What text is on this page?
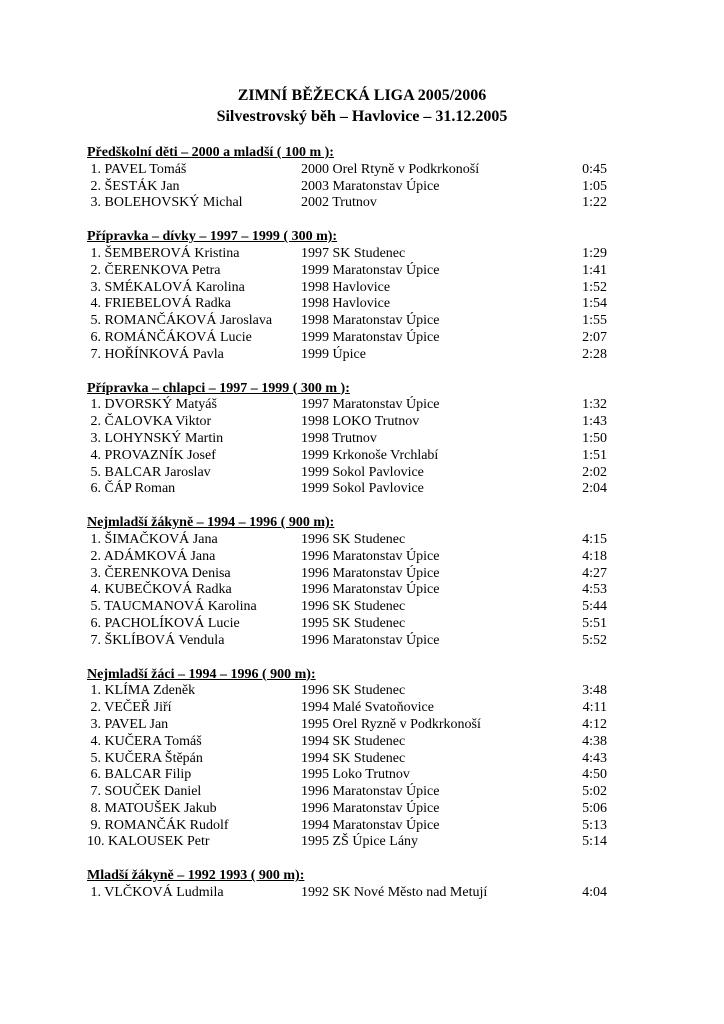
ZIMNÍ BĚŽECKÁ LIGA 2005/2006
Silvestrovský běh – Havlovice – 31.12.2005
Předškolní děti – 2000 a mladší ( 100 m ):
1. PAVEL Tomáš	2000 Orel Rtyně v Podkrkonoší	0:45
2. ŠESTÁK Jan	2003 Maratonstav Úpice	1:05
3. BOLEHOVSKÝ Michal	2002 Trutnov	1:22
Přípravka – dívky – 1997 – 1999 ( 300 m):
1. ŠEMBEROVÁ Kristina	1997 SK Studenec	1:29
2. ČERENKOVA Petra	1999 Maratonstav Úpice	1:41
3. SMÉKALOVÁ Karolina	1998 Havlovice	1:52
4. FRIEBELOVÁ Radka	1998 Havlovice	1:54
5. ROMANČÁKOVÁ Jaroslava 1998 Maratonstav Úpice	1:55
6. ROMÁNČÁKOVÁ Lucie	1999 Maratonstav Úpice	2:07
7. HOŘÍNKOVÁ Pavla	1999 Úpice	2:28
Přípravka – chlapci – 1997 – 1999 ( 300 m ):
1. DVORSKÝ Matyáš	1997 Maratonstav Úpice	1:32
2. ČALOVKA Viktor	1998 LOKO Trutnov	1:43
3. LOHYNSKÝ Martin	1998 Trutnov	1:50
4. PROVAZNÍK Josef	1999 Krkonoše Vrchlabí	1:51
5. BALCAR Jaroslav	1999 Sokol Pavlovice	2:02
6. ČÁP Roman	1999 Sokol Pavlovice	2:04
Nejmladší žákyně – 1994 – 1996 ( 900 m):
1. ŠIMAČKOVÁ Jana	1996 SK Studenec	4:15
2. ADÁMKOVÁ Jana	1996 Maratonstav Úpice	4:18
3. ČERENKOVA Denisa	1996 Maratonstav Úpice	4:27
4. KUBEČKOVÁ Radka	1996 Maratonstav Úpice	4:53
5. TAUCMANOVÁ Karolina	1996 SK Studenec	5:44
6. PACHOLÍKOVÁ Lucie	1995 SK Studenec	5:51
7. ŠKLÍBOVÁ Vendula	1996 Maratonstav Úpice	5:52
Nejmladší žáci – 1994 – 1996 ( 900 m):
1. KLÍMA Zdeněk	1996 SK Studenec	3:48
2. VEČEŘ Jiří	1994 Malé Svatoňovice	4:11
3. PAVEL Jan	1995 Orel Ryzně v Podkrkonoší	4:12
4. KUČERA Tomáš	1994 SK Studenec	4:38
5. KUČERA Štěpán	1994 SK Studenec	4:43
6. BALCAR Filip	1995 Loko Trutnov	4:50
7. SOUČEK Daniel	1996 Maratonstav Úpice	5:02
8. MATOUŠEK Jakub	1996 Maratonstav Úpice	5:06
9. ROMANČÁK Rudolf	1994 Maratonstav Úpice	5:13
10. KALOUSEK Petr	1995 ZŠ Úpice Lány	5:14
Mladší žákyně – 1992 1993 ( 900 m):
1. VLČKOVÁ Ludmila	1992 SK Nové Město nad Metují	4:04
